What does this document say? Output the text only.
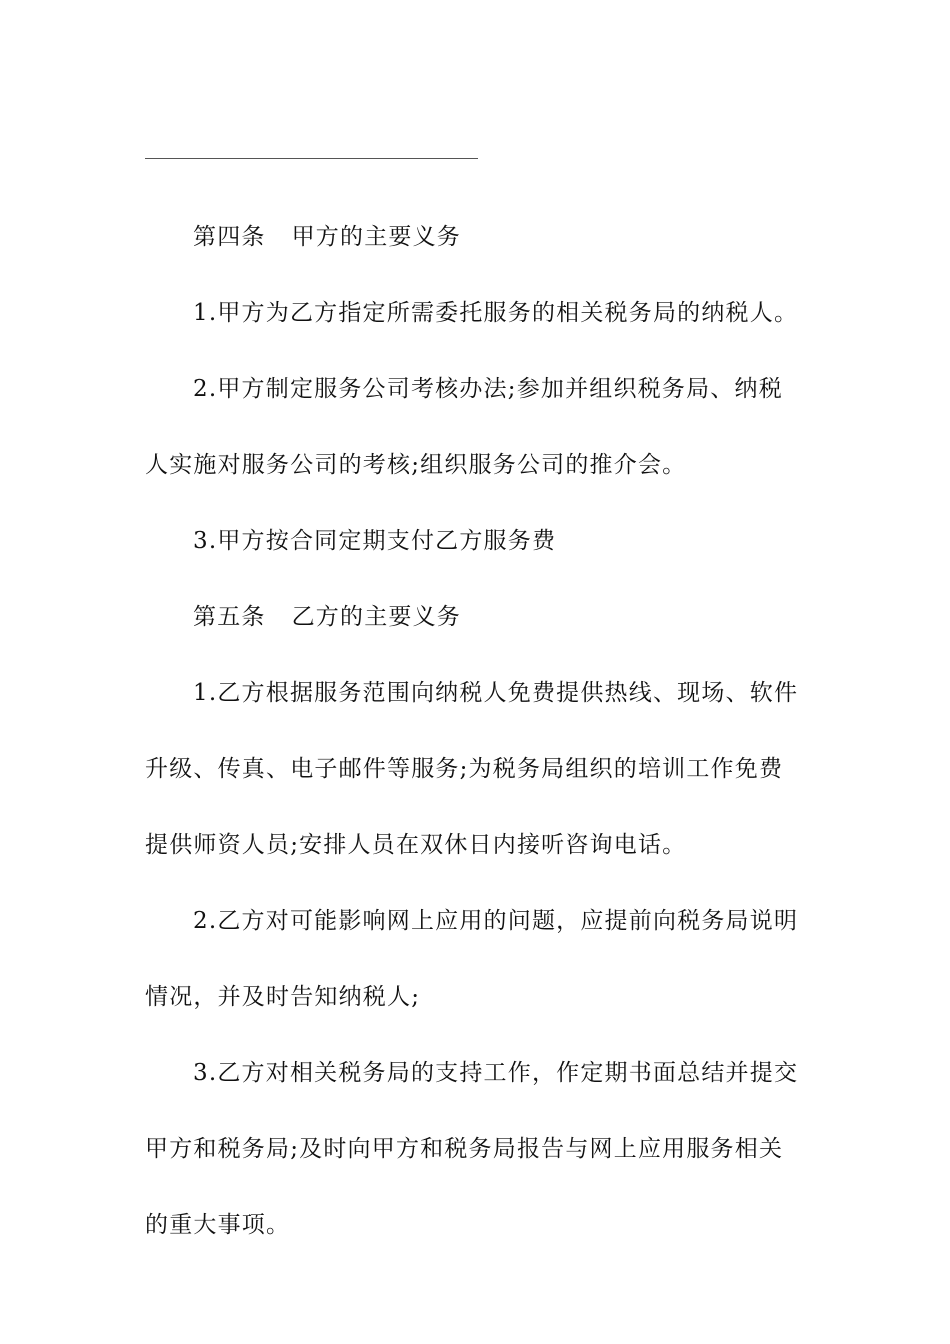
第四条 甲方的主要义务

1.甲方为乙方指定所需委托服务的相关税务局的纳税人。

2.甲方制定服务公司考核办法;参加并组织税务局、纳税人实施对服务公司的考核;组织服务公司的推介会。

3.甲方按合同定期支付乙方服务费

第五条 乙方的主要义务

1.乙方根据服务范围向纳税人免费提供热线、现场、软件升级、传真、电子邮件等服务;为税务局组织的培训工作免费提供师资人员;安排人员在双休日内接听咨询电话。

2.乙方对可能影响网上应用的问题，应提前向税务局说明情况，并及时告知纳税人;

3.乙方对相关税务局的支持工作，作定期书面总结并提交甲方和税务局;及时向甲方和税务局报告与网上应用服务相关的重大事项。
